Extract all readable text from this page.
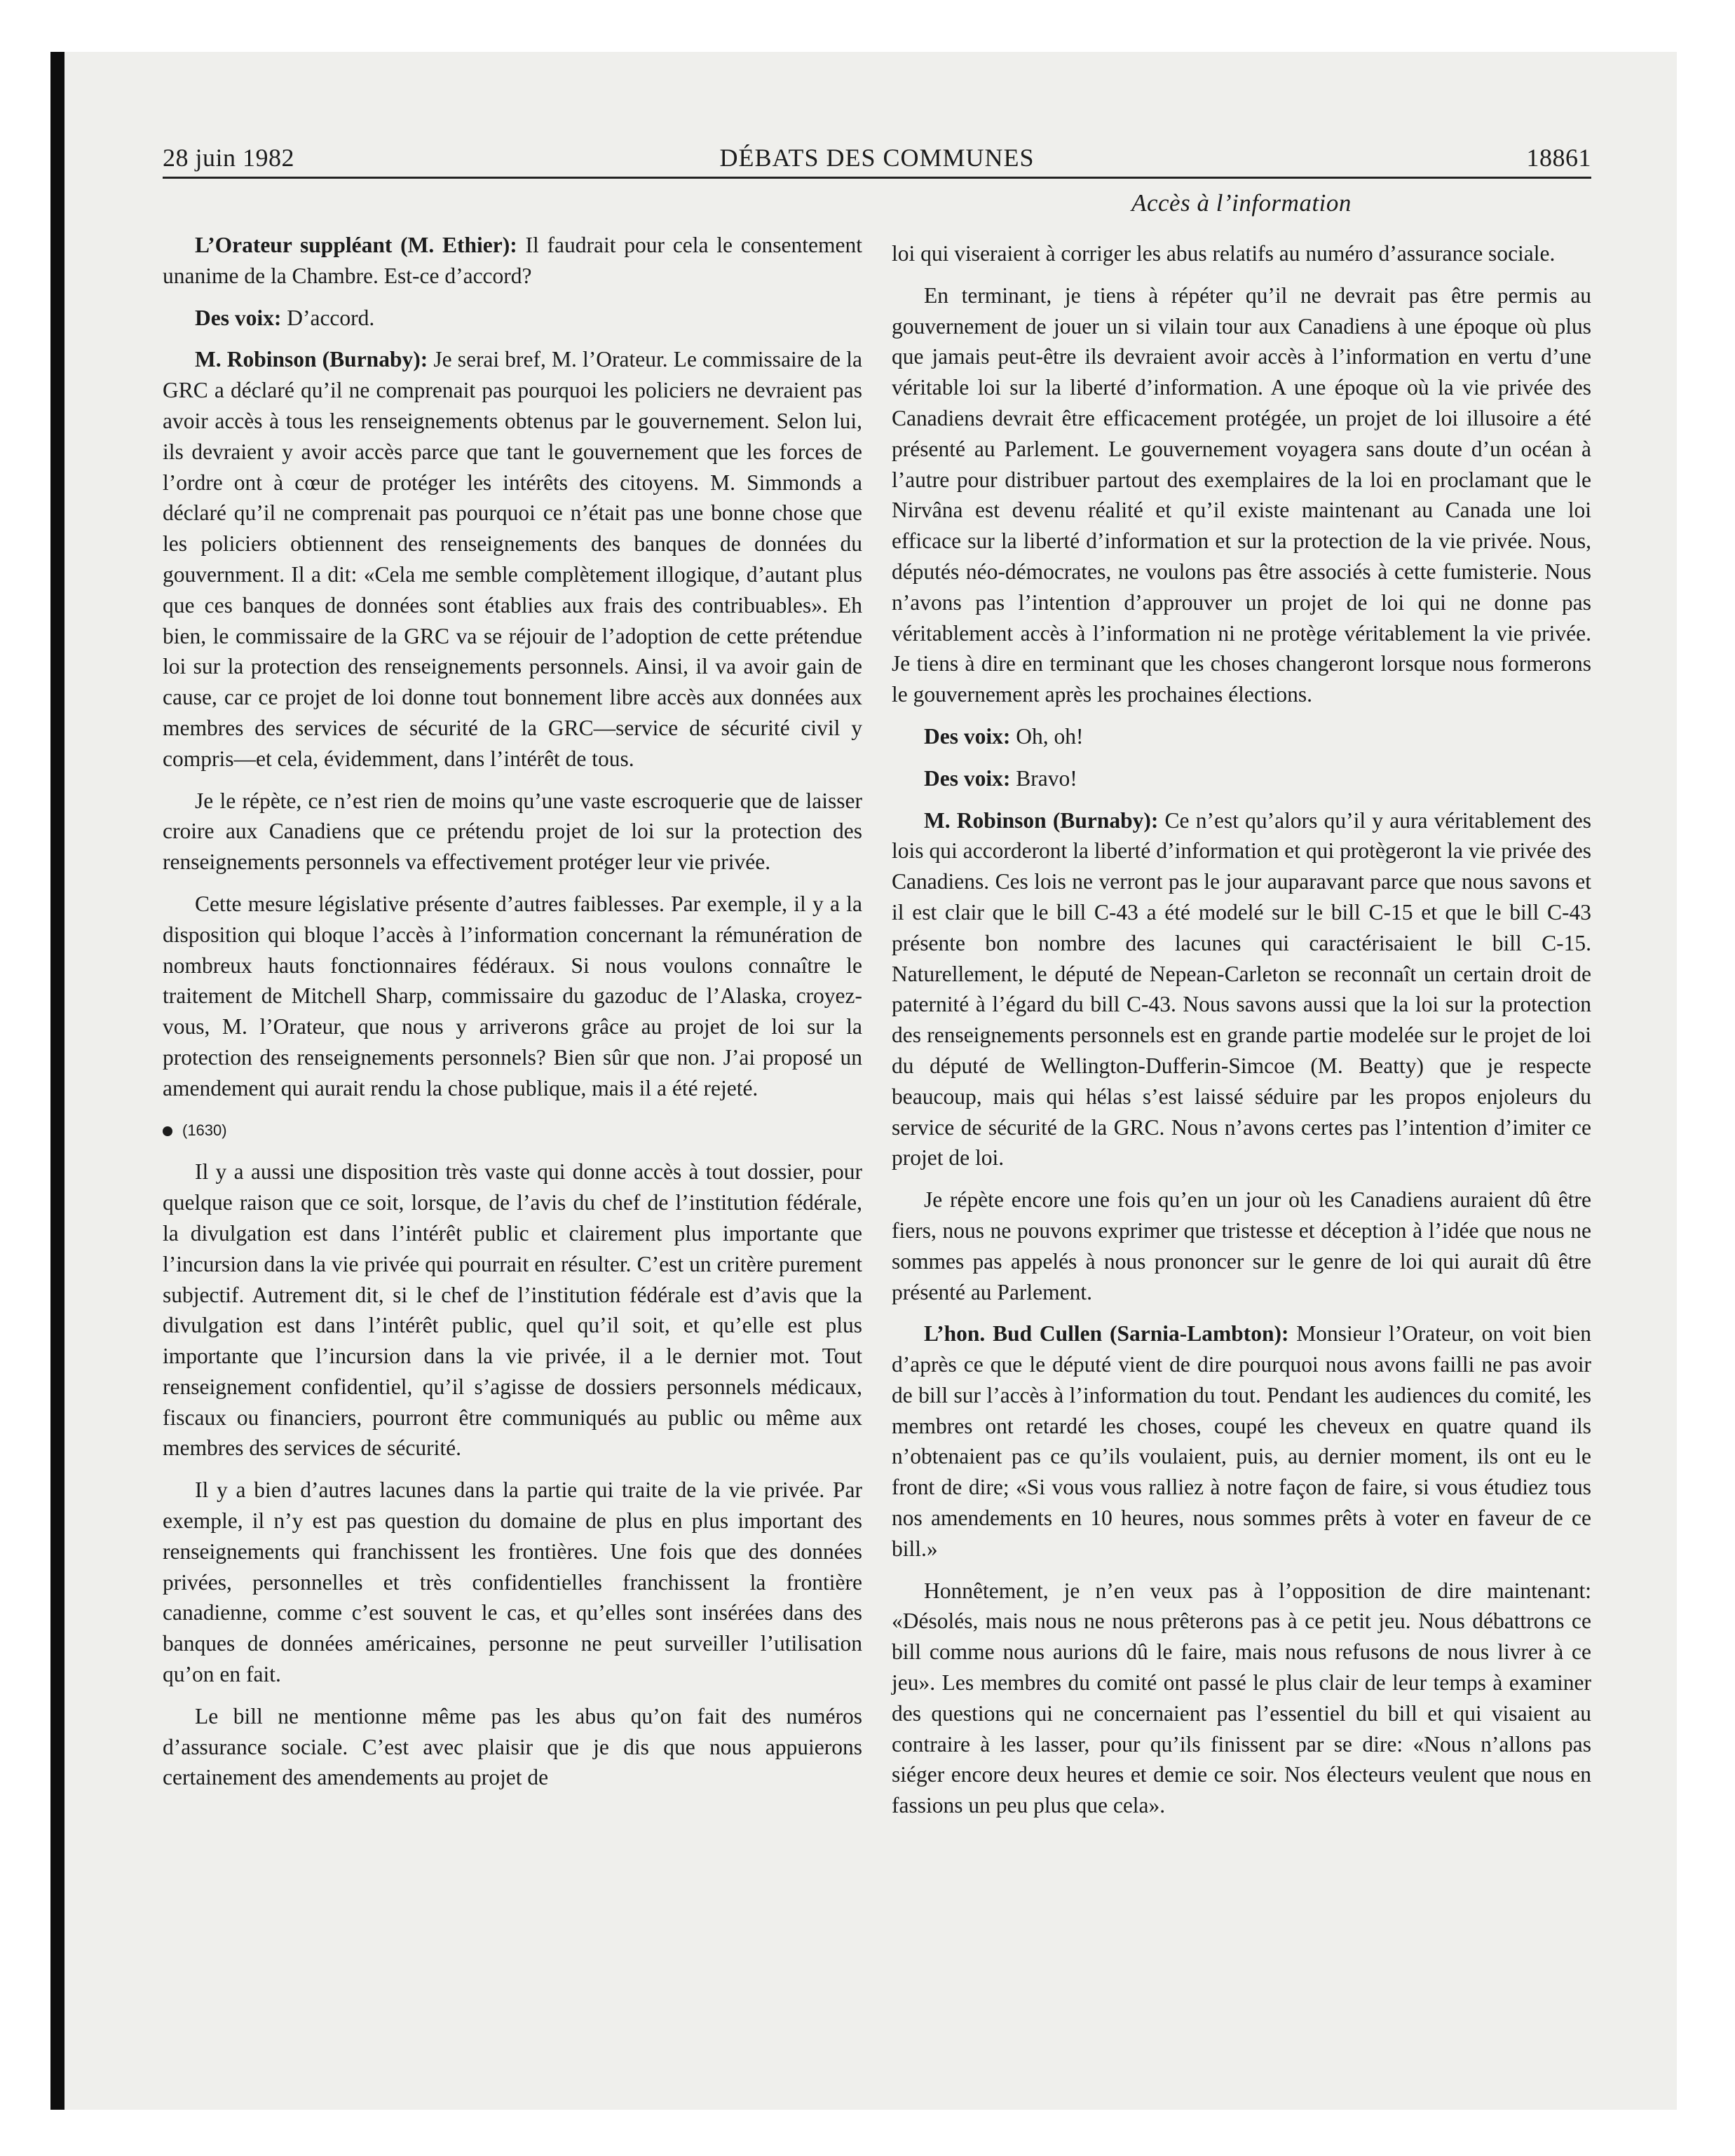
28 juin 1982	DÉBATS DES COMMUNES	18861
Accès à l’information

L’Orateur suppléant (M. Ethier): Il faudrait pour cela le consentement unanime de la Chambre. Est-ce d’accord?

Des voix: D’accord.

M. Robinson (Burnaby): Je serai bref, M. l’Orateur. Le commissaire de la GRC a déclaré qu’il ne comprenait pas pourquoi les policiers ne devraient pas avoir accès à tous les renseignements obtenus par le gouvernement. Selon lui, ils devraient y avoir accès parce que tant le gouvernement que les forces de l’ordre ont à cœur de protéger les intérêts des citoyens. M. Simmonds a déclaré qu’il ne comprenait pas pourquoi ce n’était pas une bonne chose que les policiers obtiennent des renseignements des banques de données du gouvernment. Il a dit: «Cela me semble complètement illogique, d’autant plus que ces banques de données sont établies aux frais des contribuables». Eh bien, le commissaire de la GRC va se réjouir de l’adoption de cette prétendue loi sur la protection des renseignements personnels. Ainsi, il va avoir gain de cause, car ce projet de loi donne tout bonnement libre accès aux données aux membres des services de sécurité de la GRC—service de sécurité civil y compris—et cela, évidemment, dans l’intérêt de tous.

Je le répète, ce n’est rien de moins qu’une vaste escroquerie que de laisser croire aux Canadiens que ce prétendu projet de loi sur la protection des renseignements personnels va effectivement protéger leur vie privée.

Cette mesure législative présente d’autres faiblesses. Par exemple, il y a la disposition qui bloque l’accès à l’information concernant la rémunération de nombreux hauts fonctionnaires fédéraux. Si nous voulons connaître le traitement de Mitchell Sharp, commissaire du gazoduc de l’Alaska, croyez-vous, M. l’Orateur, que nous y arriverons grâce au projet de loi sur la protection des renseignements personnels? Bien sûr que non. J’ai proposé un amendement qui aurait rendu la chose publique, mais il a été rejeté.

(1630)

Il y a aussi une disposition très vaste qui donne accès à tout dossier, pour quelque raison que ce soit, lorsque, de l’avis du chef de l’institution fédérale, la divulgation est dans l’intérêt public et clairement plus importante que l’incursion dans la vie privée qui pourrait en résulter. C’est un critère purement subjectif. Autrement dit, si le chef de l’institution fédérale est d’avis que la divulgation est dans l’intérêt public, quel qu’il soit, et qu’elle est plus importante que l’incursion dans la vie privée, il a le dernier mot. Tout renseignement confidentiel, qu’il s’agisse de dossiers personnels médicaux, fiscaux ou financiers, pourront être communiqués au public ou même aux membres des services de sécurité.

Il y a bien d’autres lacunes dans la partie qui traite de la vie privée. Par exemple, il n’y est pas question du domaine de plus en plus important des renseignements qui franchissent les frontières. Une fois que des données privées, personnelles et très confidentielles franchissent la frontière canadienne, comme c’est souvent le cas, et qu’elles sont insérées dans des banques de données américaines, personne ne peut surveiller l’utilisation qu’on en fait.

Le bill ne mentionne même pas les abus qu’on fait des numéros d’assurance sociale. C’est avec plaisir que je dis que nous appuierons certainement des amendements au projet de

loi qui viseraient à corriger les abus relatifs au numéro d’assurance sociale.

En terminant, je tiens à répéter qu’il ne devrait pas être permis au gouvernement de jouer un si vilain tour aux Canadiens à une époque où plus que jamais peut-être ils devraient avoir accès à l’information en vertu d’une véritable loi sur la liberté d’information. A une époque où la vie privée des Canadiens devrait être efficacement protégée, un projet de loi illusoire a été présenté au Parlement. Le gouvernement voyagera sans doute d’un océan à l’autre pour distribuer partout des exemplaires de la loi en proclamant que le Nirvâna est devenu réalité et qu’il existe maintenant au Canada une loi efficace sur la liberté d’information et sur la protection de la vie privée. Nous, députés néo-démocrates, ne voulons pas être associés à cette fumisterie. Nous n’avons pas l’intention d’approuver un projet de loi qui ne donne pas véritablement accès à l’information ni ne protège véritablement la vie privée. Je tiens à dire en terminant que les choses changeront lorsque nous formerons le gouvernement après les prochaines élections.

Des voix: Oh, oh!

Des voix: Bravo!

M. Robinson (Burnaby): Ce n’est qu’alors qu’il y aura véritablement des lois qui accorderont la liberté d’information et qui protègeront la vie privée des Canadiens. Ces lois ne verront pas le jour auparavant parce que nous savons et il est clair que le bill C-43 a été modelé sur le bill C-15 et que le bill C-43 présente bon nombre des lacunes qui caractérisaient le bill C-15. Naturellement, le député de Nepean-Carleton se reconnaît un certain droit de paternité à l’égard du bill C-43. Nous savons aussi que la loi sur la protection des renseignements personnels est en grande partie modelée sur le projet de loi du député de Wellington-Dufferin-Simcoe (M. Beatty) que je respecte beaucoup, mais qui hélas s’est laissé séduire par les propos enjoleurs du service de sécurité de la GRC. Nous n’avons certes pas l’intention d’imiter ce projet de loi.

Je répète encore une fois qu’en un jour où les Canadiens auraient dû être fiers, nous ne pouvons exprimer que tristesse et déception à l’idée que nous ne sommes pas appelés à nous prononcer sur le genre de loi qui aurait dû être présenté au Parlement.

L’hon. Bud Cullen (Sarnia-Lambton): Monsieur l’Orateur, on voit bien d’après ce que le député vient de dire pourquoi nous avons failli ne pas avoir de bill sur l’accès à l’information du tout. Pendant les audiences du comité, les membres ont retardé les choses, coupé les cheveux en quatre quand ils n’obtenaient pas ce qu’ils voulaient, puis, au dernier moment, ils ont eu le front de dire; «Si vous vous ralliez à notre façon de faire, si vous étudiez tous nos amendements en 10 heures, nous sommes prêts à voter en faveur de ce bill.»

Honnêtement, je n’en veux pas à l’opposition de dire maintenant: «Désolés, mais nous ne nous prêterons pas à ce petit jeu. Nous débattrons ce bill comme nous aurions dû le faire, mais nous refusons de nous livrer à ce jeu». Les membres du comité ont passé le plus clair de leur temps à examiner des questions qui ne concernaient pas l’essentiel du bill et qui visaient au contraire à les lasser, pour qu’ils finissent par se dire: «Nous n’allons pas siéger encore deux heures et demie ce soir. Nos électeurs veulent que nous en fassions un peu plus que cela».
